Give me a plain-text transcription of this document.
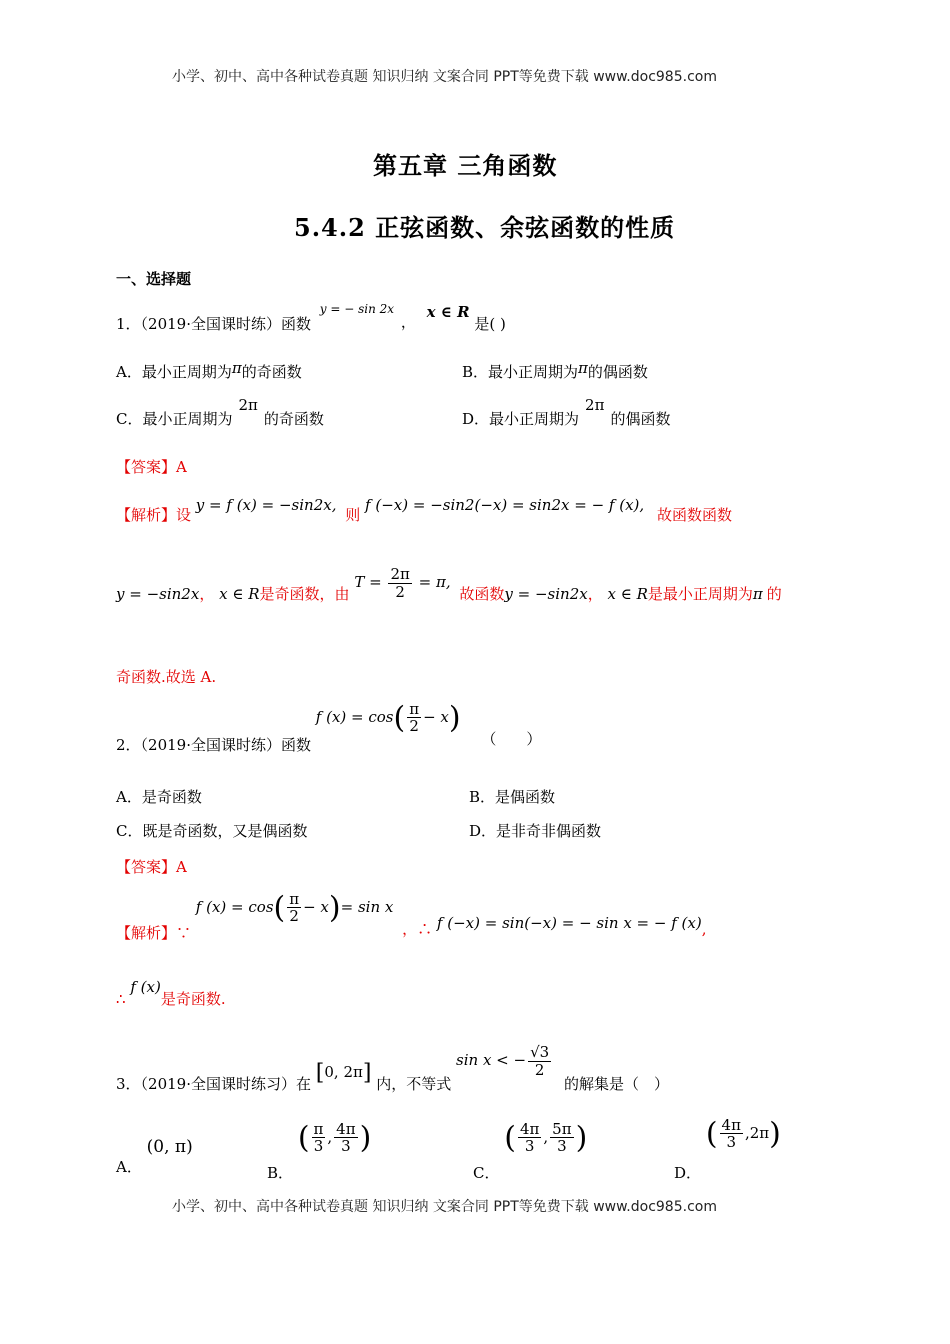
小学、初中、高中各种试卷真题 知识归纳 文案合同 PPT等免费下载 www.doc985.com
小学、初中、高中各种试卷真题 知识归纳 文案合同 PPT等免费下载 www.doc985.com
第五章 三角函数
5.4.2 正弦函数、余弦函数的性质
一、选择题
1．（2019·全国课时练）函数 $^{y = - sin 2x}$ ， x ∈ R 是( )
A．最小正周期为π的奇函数	B．最小正周期为π的偶函数
C．最小正周期为2π的奇函数	D．最小正周期为2π的偶函数
【答案】A
【解析】设 y = f (x) = −sin2x, 则 f (−x) = −sin2(−x) = sin2x = − f (x), 故函数函数
y = −sin2x， x ∈ R是奇函数，由 $T = \frac{2\pi}{2} = \pi$, 故函数y = −sin2x， x ∈ R是最小正周期为π 的
奇函数.故选 A.
2．（2019·全国课时练）函数 f $(x) = \cos( \frac{\pi}{2} - x)$ （　　）
A．是奇函数	B．是偶函数
C．既是奇函数，又是偶函数	D．是非奇非偶函数
【答案】A
【解析】∵ f $(x) = \cos( \frac{\pi}{2} - x)= \sin x$ ，∴ f (−x) = sin(−x) = − sin x = − f (x),
∴ f (x)是奇函数.
3．（2019·全国课时练习）在 [0, 2π] 内，不等式 sin x < − $\frac{√3}{2}$
的解集是（　）
A． (0, π)
B． ( $\frac{\pi}{3}$ , $\frac{4\pi}{3}$ )
C． ( $\frac{4\pi}{3}$ , $\frac{5\pi}{3}$ )
D． ( $\frac{4\pi}{3} ,2\pi$)
